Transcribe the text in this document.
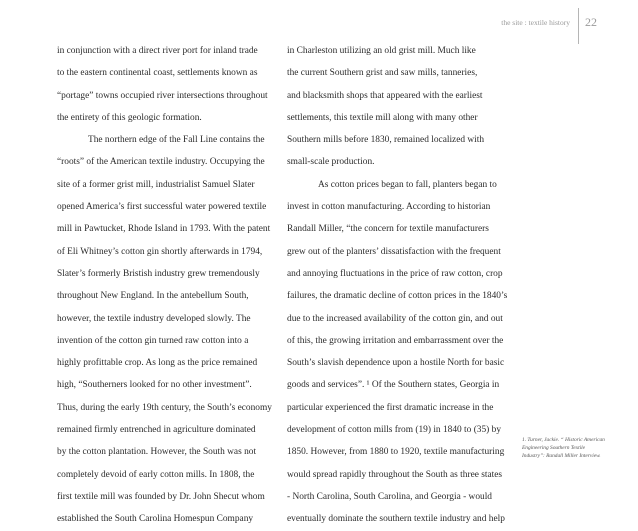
the site : textile history 22
in conjunction with a direct river port for inland trade
to the eastern continental coast, settlements known as
“portage” towns occupied river intersections throughout
the entirety of this geologic formation.
The northern edge of the Fall Line contains the
“roots” of the American textile industry. Occupying the
site of a former grist mill, industrialist Samuel Slater
opened America’s first successful water powered textile
mill in Pawtucket, Rhode Island in 1793. With the patent
of Eli Whitney’s cotton gin shortly afterwards in 1794,
Slater’s formerly Bristish industry grew tremendously
throughout New England. In the antebellum South,
however, the textile industry developed slowly. The
invention of the cotton gin turned raw cotton into a
highly profittable crop. As long as the price remained
high, “Southerners looked for no other investment”.
Thus, during the early 19th century, the South’s economy
remained firmly entrenched in agriculture dominated
by the cotton plantation. However, the South was not
completely devoid of early cotton mills. In 1808, the
first textile mill was founded by Dr. John Shecut whom
established the South Carolina Homespun Company
in Charleston utilizing an old grist mill. Much like
the current Southern grist and saw mills, tanneries,
and blacksmith shops that appeared with the earliest
settlements, this textile mill along with many other
Southern mills before 1830, remained localized with
small-scale production.
As cotton prices began to fall, planters began to
invest in cotton manufacturing. According to historian
Randall Miller, “the concern for textile manufacturers
grew out of the planters’ dissatisfaction with the frequent
and annoying fluctuations in the price of raw cotton, crop
failures, the dramatic decline of cotton prices in the 1840’s
due to the increased availability of the cotton gin, and out
of this, the growing irritation and embarrassment over the
South’s slavish dependence upon a hostile North for basic
goods and services”. ¹ Of the Southern states, Georgia in
particular experienced the first dramatic increase in the
development of cotton mills from (19) in 1840 to (35) by
1850. However, from 1880 to 1920, textile manufacturing
would spread rapidly throughout the South as three states
- North Carolina, South Carolina, and Georgia - would
eventually dominate the southern textile industry and help
1. Turner, Jackie. “ Historic American
Engineering Southern Textile
Industry”: Randall Miller Interview.
